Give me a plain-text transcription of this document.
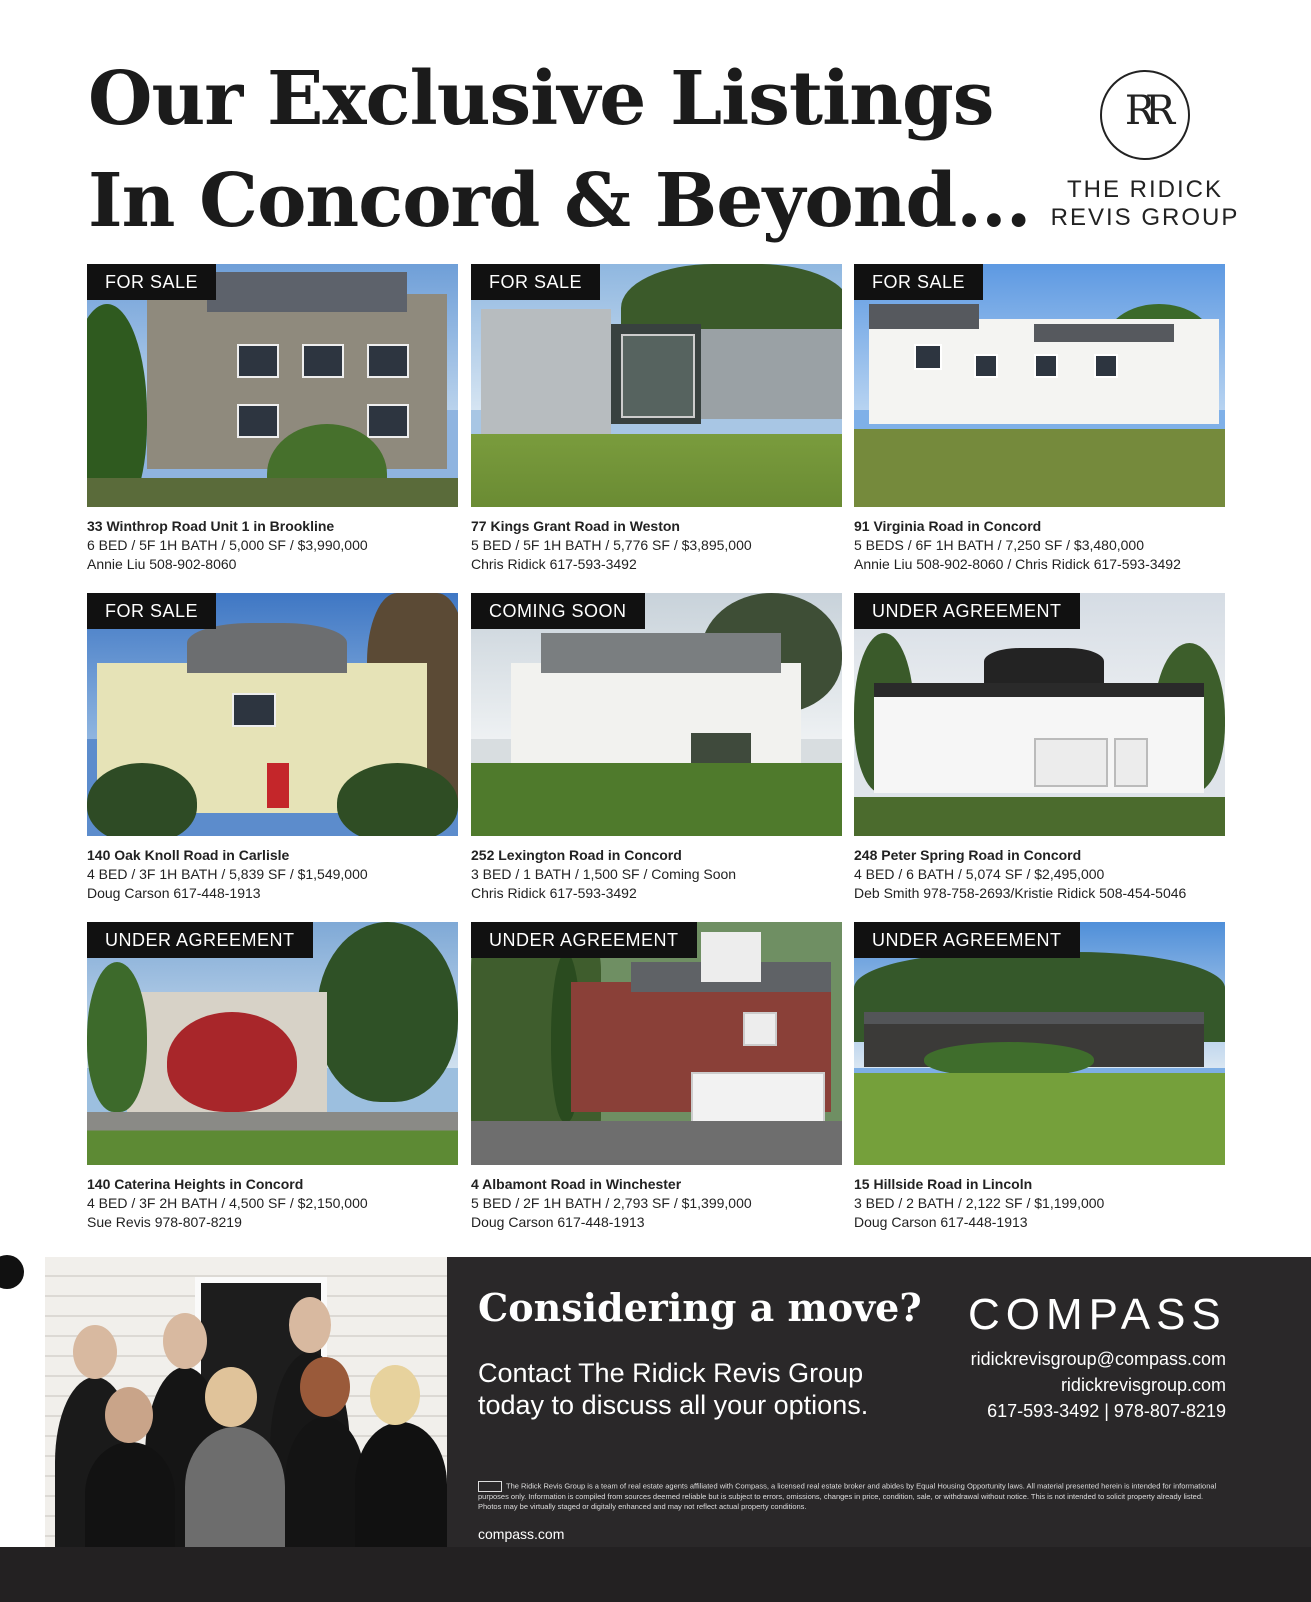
Our Exclusive Listings
In Concord & Beyond...
RR
THE RIDICK
REVIS GROUP
FOR SALE
33 Winthrop Road Unit 1 in Brookline
6 BED / 5F 1H BATH / 5,000 SF / $3,990,000
Annie Liu 508-902-8060
FOR SALE
77 Kings Grant Road in Weston
5 BED / 5F 1H BATH / 5,776 SF / $3,895,000
Chris Ridick 617-593-3492
FOR SALE
91 Virginia Road in Concord
5 BEDS / 6F 1H BATH / 7,250 SF / $3,480,000
Annie Liu 508-902-8060 / Chris Ridick 617-593-3492
FOR SALE
140 Oak Knoll Road in Carlisle
4 BED / 3F 1H BATH / 5,839 SF / $1,549,000
Doug Carson 617-448-1913
COMING SOON
252 Lexington Road in Concord
3 BED / 1 BATH / 1,500 SF / Coming Soon
Chris Ridick 617-593-3492
UNDER AGREEMENT
248 Peter Spring Road in Concord
4 BED / 6 BATH / 5,074 SF / $2,495,000
Deb Smith 978-758-2693/Kristie Ridick 508-454-5046
UNDER AGREEMENT
140 Caterina Heights in Concord
4 BED / 3F 2H BATH / 4,500 SF / $2,150,000
Sue Revis 978-807-8219
UNDER AGREEMENT
4 Albamont Road in Winchester
5 BED / 2F 1H BATH / 2,793 SF / $1,399,000
Doug Carson 617-448-1913
UNDER AGREEMENT
15 Hillside Road in Lincoln
3 BED / 2 BATH / 2,122 SF / $1,199,000
Doug Carson 617-448-1913
Considering a move?
Contact The Ridick Revis Group
today to discuss all your options.
COMPASS
ridickrevisgroup@compass.com
ridickrevisgroup.com
617-593-3492 | 978-807-8219
The Ridick Revis Group is a team of real estate agents affiliated with Compass, a licensed real estate broker and abides by Equal Housing Opportunity laws. All material presented herein is intended for informational purposes only. Information is compiled from sources deemed reliable but is subject to errors, omissions, changes in price, condition, sale, or withdrawal without notice. This is not intended to solicit property already listed. Photos may be virtually staged or digitally enhanced and may not reflect actual property conditions.
compass.com
